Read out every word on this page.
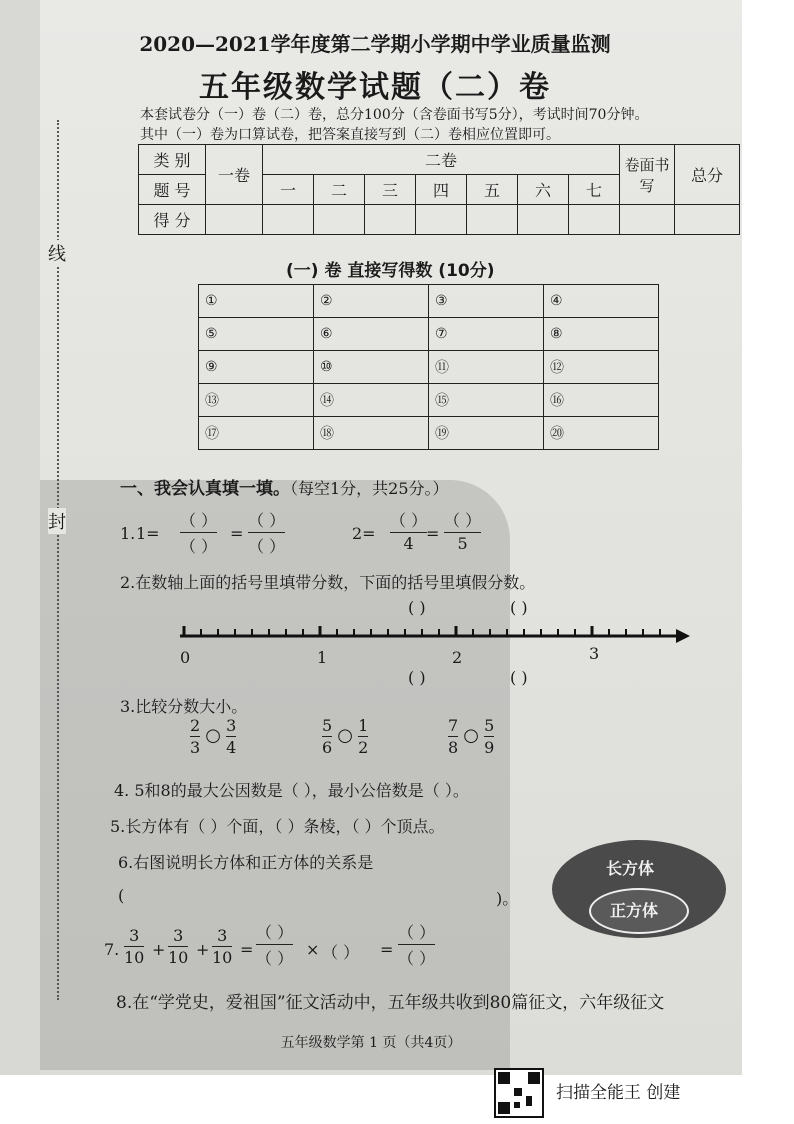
线
封
2020—2021学年度第二学期小学期中学业质量监测
五年级数学试题（二）卷
本套试卷分（一）卷（二）卷，总分100分（含卷面书写5分），考试时间70分钟。
其中（一）卷为口算试卷，把答案直接写到（二）卷相应位置即可。
类 别	一卷	二卷							卷面书写	总分
题 号		一	二	三	四	五	六	七		
得 分										
(一) 卷 直接写得数 (10分)
①	②	③	④
⑤	⑥	⑦	⑧
⑨	⑩	⑪	⑫
⑬	⑭	⑮	⑯
⑰	⑱	⑲	⑳
一、我会认真填一填。（每空1分，共25分。）
1. 1=
（ ）
（ ）
=
（ ）
（ ）
2=
（ ）
4
=
（ ）
5
2.在数轴上面的括号里填带分数，下面的括号里填假分数。
0	1	2	3
( )	( )
( )	( )
3.比较分数大小。
$\frac{2}{3}$ ○ $\frac{3}{4}$	$\frac{5}{6}$ ○ $\frac{1}{2}$	$\frac{7}{8}$ ○ $\frac{5}{9}$
4. 5和8的最大公因数是（ ），最小公倍数是（ ）。
5.长方体有（ ）个面，（ ）条棱，（ ）个顶点。
6.右图说明长方体和正方体的关系是
(	)。
长方体
正方体
7.
3
10 +
3
10 +
3
10 =
（ ）
（ ） × （ ） =
（ ）
（ ）
8.在“学党史，爱祖国”征文活动中，五年级共收到80篇征文，六年级征文
五年级数学第 1 页（共4页）
扫描全能王 创建
